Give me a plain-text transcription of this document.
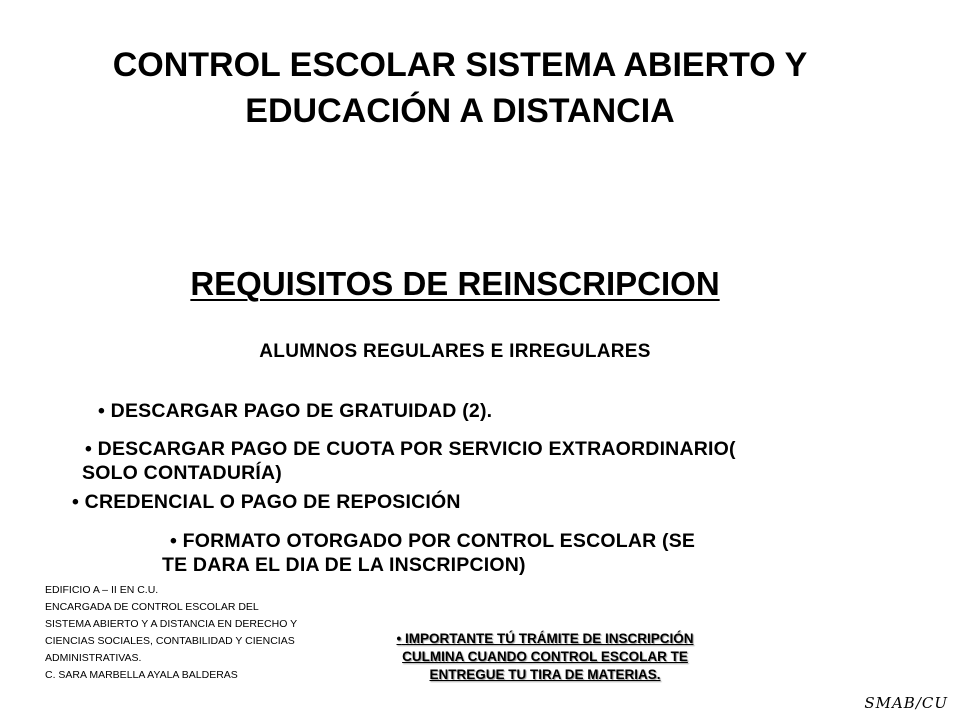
CONTROL ESCOLAR SISTEMA ABIERTO Y
EDUCACIÓN A DISTANCIA
REQUISITOS DE REINSCRIPCION
ALUMNOS REGULARES E IRREGULARES
• DESCARGAR PAGO DE GRATUIDAD (2).
• DESCARGAR PAGO DE CUOTA POR SERVICIO EXTRAORDINARIO(
SOLO CONTADURÍA)
• CREDENCIAL O PAGO DE REPOSICIÓN
• FORMATO OTORGADO POR CONTROL ESCOLAR (SE
TE DARA EL DIA DE LA INSCRIPCION)
EDIFICIO A – II EN C.U.
ENCARGADA DE CONTROL ESCOLAR DEL
SISTEMA ABIERTO Y A DISTANCIA EN DERECHO Y
CIENCIAS SOCIALES, CONTABILIDAD Y CIENCIAS
ADMINISTRATIVAS.
C. SARA MARBELLA AYALA BALDERAS
• IMPORTANTE TÚ TRÁMITE DE INSCRIPCIÓN
CULMINA CUANDO CONTROL ESCOLAR TE
ENTREGUE TU TIRA DE MATERIAS.
SMAB/CU
